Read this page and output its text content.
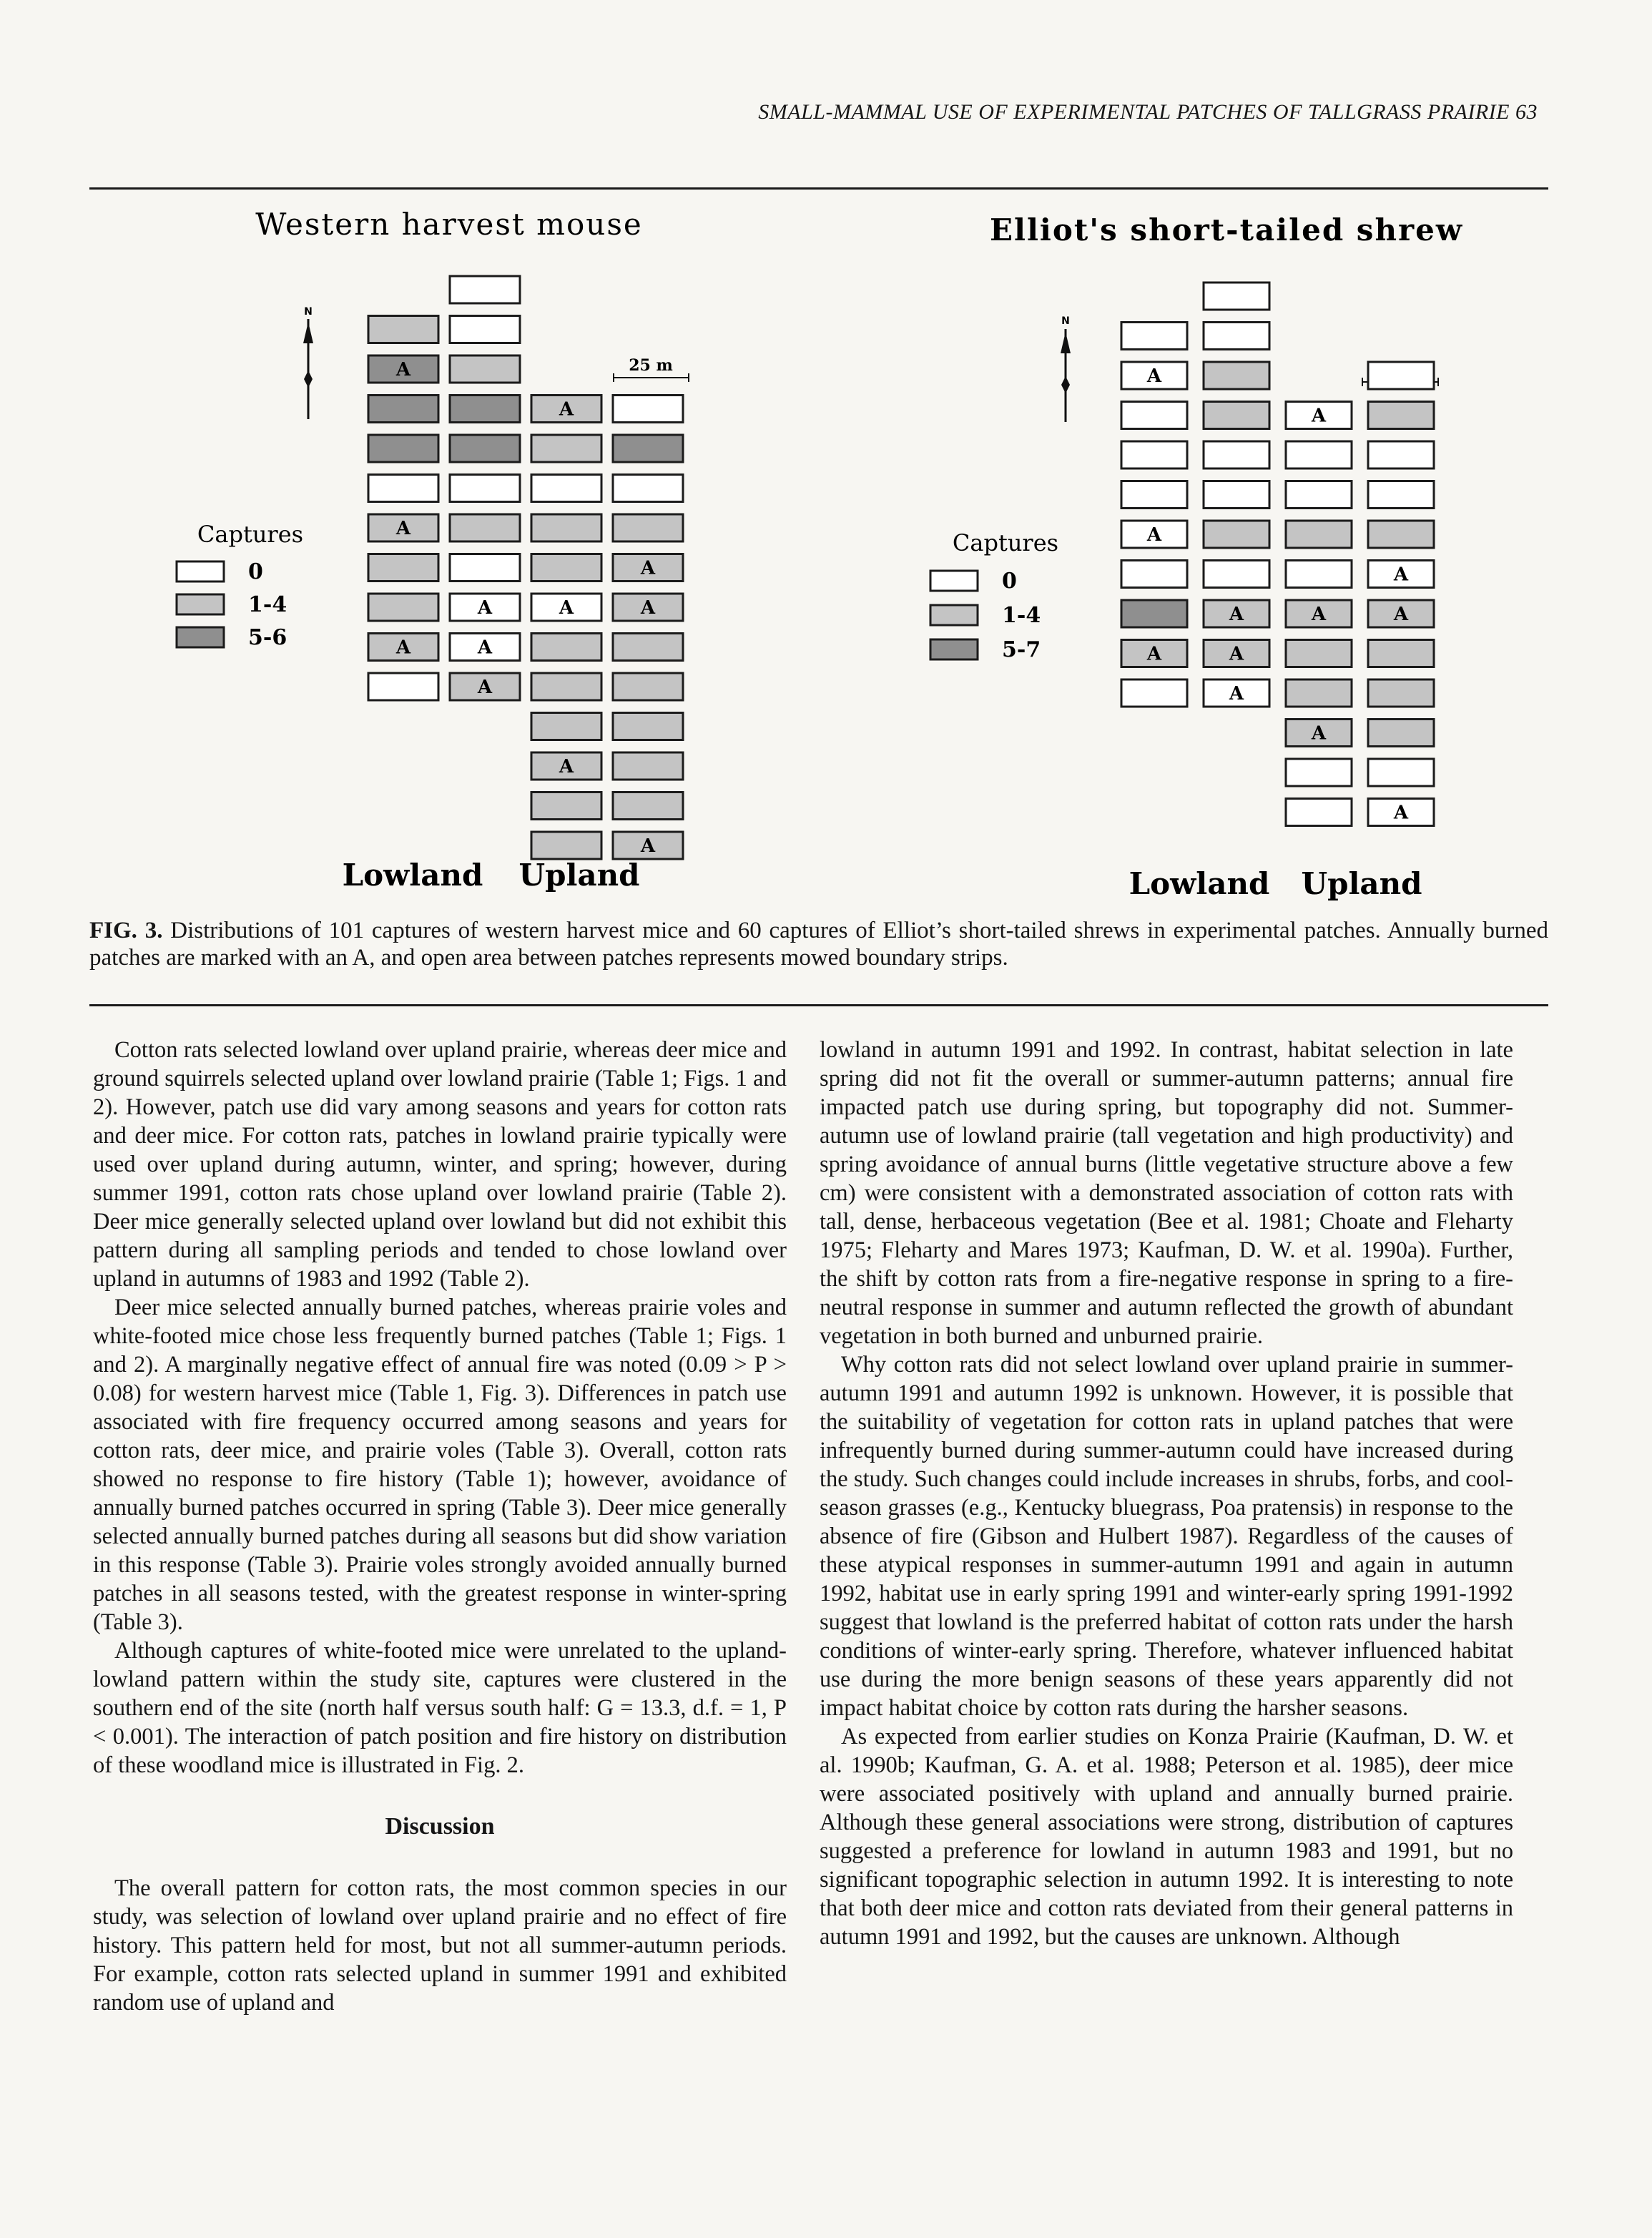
SMALL-MAMMAL USE OF EXPERIMENTAL PATCHES OF TALLGRASS PRAIRIE 63
Western harvest mouse
N
25 m
A
A
A
A
A	A	A
A	A
A
A
A
Captures
0
1-4
5-6
Lowland Upland
Elliot's short-tailed shrew
N
A
A
A
A
A	A	A
A	A
A
A
A
Captures
0
1-4
5-7
Lowland Upland
FIG. 3. Distributions of 101 captures of western harvest mice and 60 captures of Elliot’s short-tailed shrews in experimental patches. Annually burned patches are marked with an A, and open area between patches represents mowed boundary strips.

Cotton rats selected lowland over upland prairie, whereas deer mice and ground squirrels selected upland over lowland prairie (Table 1; Figs. 1 and 2). However, patch use did vary among seasons and years for cotton rats and deer mice. For cotton rats, patches in lowland prairie typically were used over upland during autumn, winter, and spring; however, during summer 1991, cotton rats chose upland over lowland prairie (Table 2). Deer mice generally selected upland over lowland but did not exhibit this pattern during all sampling periods and tended to chose lowland over upland in autumns of 1983 and 1992 (Table 2).

Deer mice selected annually burned patches, whereas prairie voles and white-footed mice chose less frequently burned patches (Table 1; Figs. 1 and 2). A marginally negative effect of annual fire was noted (0.09 > P > 0.08) for western harvest mice (Table 1, Fig. 3). Differences in patch use associated with fire frequency occurred among seasons and years for cotton rats, deer mice, and prairie voles (Table 3). Overall, cotton rats showed no response to fire history (Table 1); however, avoidance of annually burned patches occurred in spring (Table 3). Deer mice generally selected annually burned patches during all seasons but did show variation in this response (Table 3). Prairie voles strongly avoided annually burned patches in all seasons tested, with the greatest response in winter-spring (Table 3).

Although captures of white-footed mice were unrelated to the upland-lowland pattern within the study site, captures were clustered in the southern end of the site (north half versus south half: G = 13.3, d.f. = 1, P < 0.001). The interaction of patch position and fire history on distribution of these woodland mice is illustrated in Fig. 2.

Discussion

The overall pattern for cotton rats, the most common species in our study, was selection of lowland over upland prairie and no effect of fire history. This pattern held for most, but not all summer-autumn periods. For example, cotton rats selected upland in summer 1991 and exhibited random use of upland and

lowland in autumn 1991 and 1992. In contrast, habitat selection in late spring did not fit the overall or summer-autumn patterns; annual fire impacted patch use during spring, but topography did not. Summer-autumn use of lowland prairie (tall vegetation and high productivity) and spring avoidance of annual burns (little vegetative structure above a few cm) were consistent with a demonstrated association of cotton rats with tall, dense, herbaceous vegetation (Bee et al. 1981; Choate and Fleharty 1975; Fleharty and Mares 1973; Kaufman, D. W. et al. 1990a). Further, the shift by cotton rats from a fire-negative response in spring to a fire-neutral response in summer and autumn reflected the growth of abundant vegetation in both burned and unburned prairie.

Why cotton rats did not select lowland over upland prairie in summer-autumn 1991 and autumn 1992 is unknown. However, it is possible that the suitability of vegetation for cotton rats in upland patches that were infrequently burned during summer-autumn could have increased during the study. Such changes could include increases in shrubs, forbs, and cool-season grasses (e.g., Kentucky bluegrass, Poa pratensis) in response to the absence of fire (Gibson and Hulbert 1987). Regardless of the causes of these atypical responses in summer-autumn 1991 and again in autumn 1992, habitat use in early spring 1991 and winter-early spring 1991-1992 suggest that lowland is the preferred habitat of cotton rats under the harsh conditions of winter-early spring. Therefore, whatever influenced habitat use during the more benign seasons of these years apparently did not impact habitat choice by cotton rats during the harsher seasons.

As expected from earlier studies on Konza Prairie (Kaufman, D. W. et al. 1990b; Kaufman, G. A. et al. 1988; Peterson et al. 1985), deer mice were associated positively with upland and annually burned prairie. Although these general associations were strong, distribution of captures suggested a preference for lowland in autumn 1983 and 1991, but no significant topographic selection in autumn 1992. It is interesting to note that both deer mice and cotton rats deviated from their general patterns in autumn 1991 and 1992, but the causes are unknown. Although
